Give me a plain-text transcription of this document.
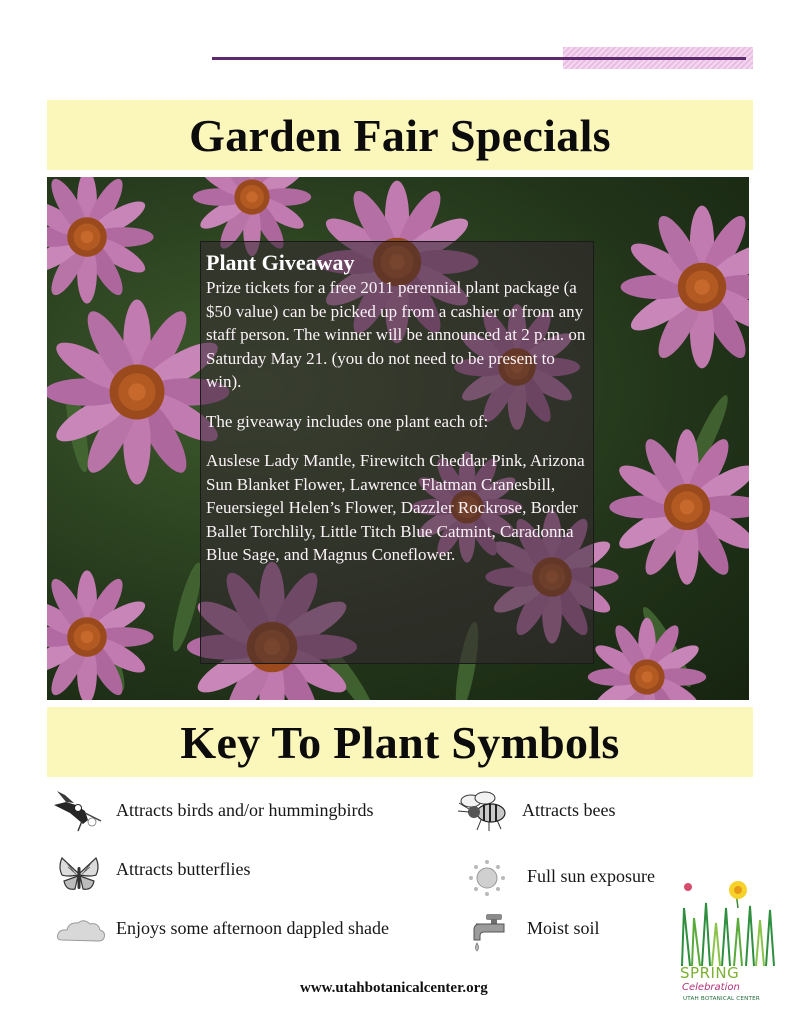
Garden Fair Specials
Plant Giveaway

Prize tickets for a free 2011 perennial plant package (a $50 value) can be picked up from a cashier or from any staff person. The winner will be announced at 2 p.m. on Saturday May 21. (you do not need to be present to win).

The giveaway includes one plant each of:

Auslese Lady Mantle, Firewitch Cheddar Pink, Arizona Sun Blanket Flower, Lawrence Flatman Cranesbill, Feuersiegel Helen’s Flower, Dazzler Rockrose, Border Ballet Torchlily, Little Titch Blue Catmint, Caradonna Blue Sage, and Magnus Coneflower.

Key To Plant Symbols
Attracts birds and/or hummingbirds	Attracts bees
Attracts butterflies	Full sun exposure
Enjoys some afternoon dappled shade	Moist soil
www.utahbotanicalcenter.org
SPRING
Celebration
UTAH BOTANICAL CENTER
